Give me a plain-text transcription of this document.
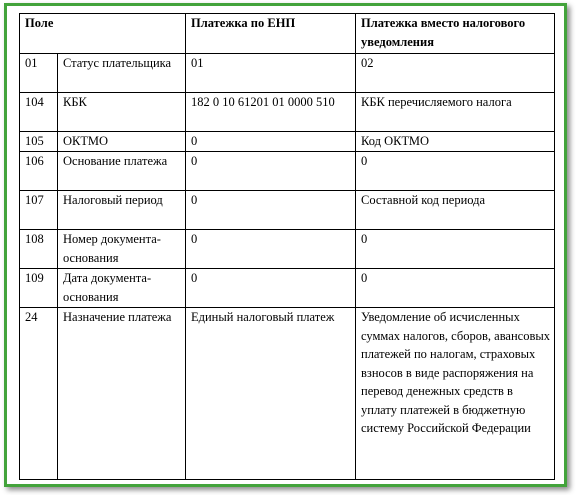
Поле		Платежка по ЕНП	Платежка вместо налогового уведомления
01	Статус плательщика	01	02
104	КБК	182 0 10 61201 01 0000 510	КБК перечисляемого налога
105	ОКТМО	0	Код ОКТМО
106	Основание платежа	0	0
107	Налоговый период	0	Составной код периода
108	Номер документа-основания	0	0
109	Дата документа-основания	0	0
24	Назначение платежа	Единый налоговый платеж	Уведомление об исчисленных суммах налогов, сборов, авансовых платежей по налогам, страховых взносов в виде распоряжения на перевод денежных средств в уплату платежей в бюджетную систему Российской Федерации
